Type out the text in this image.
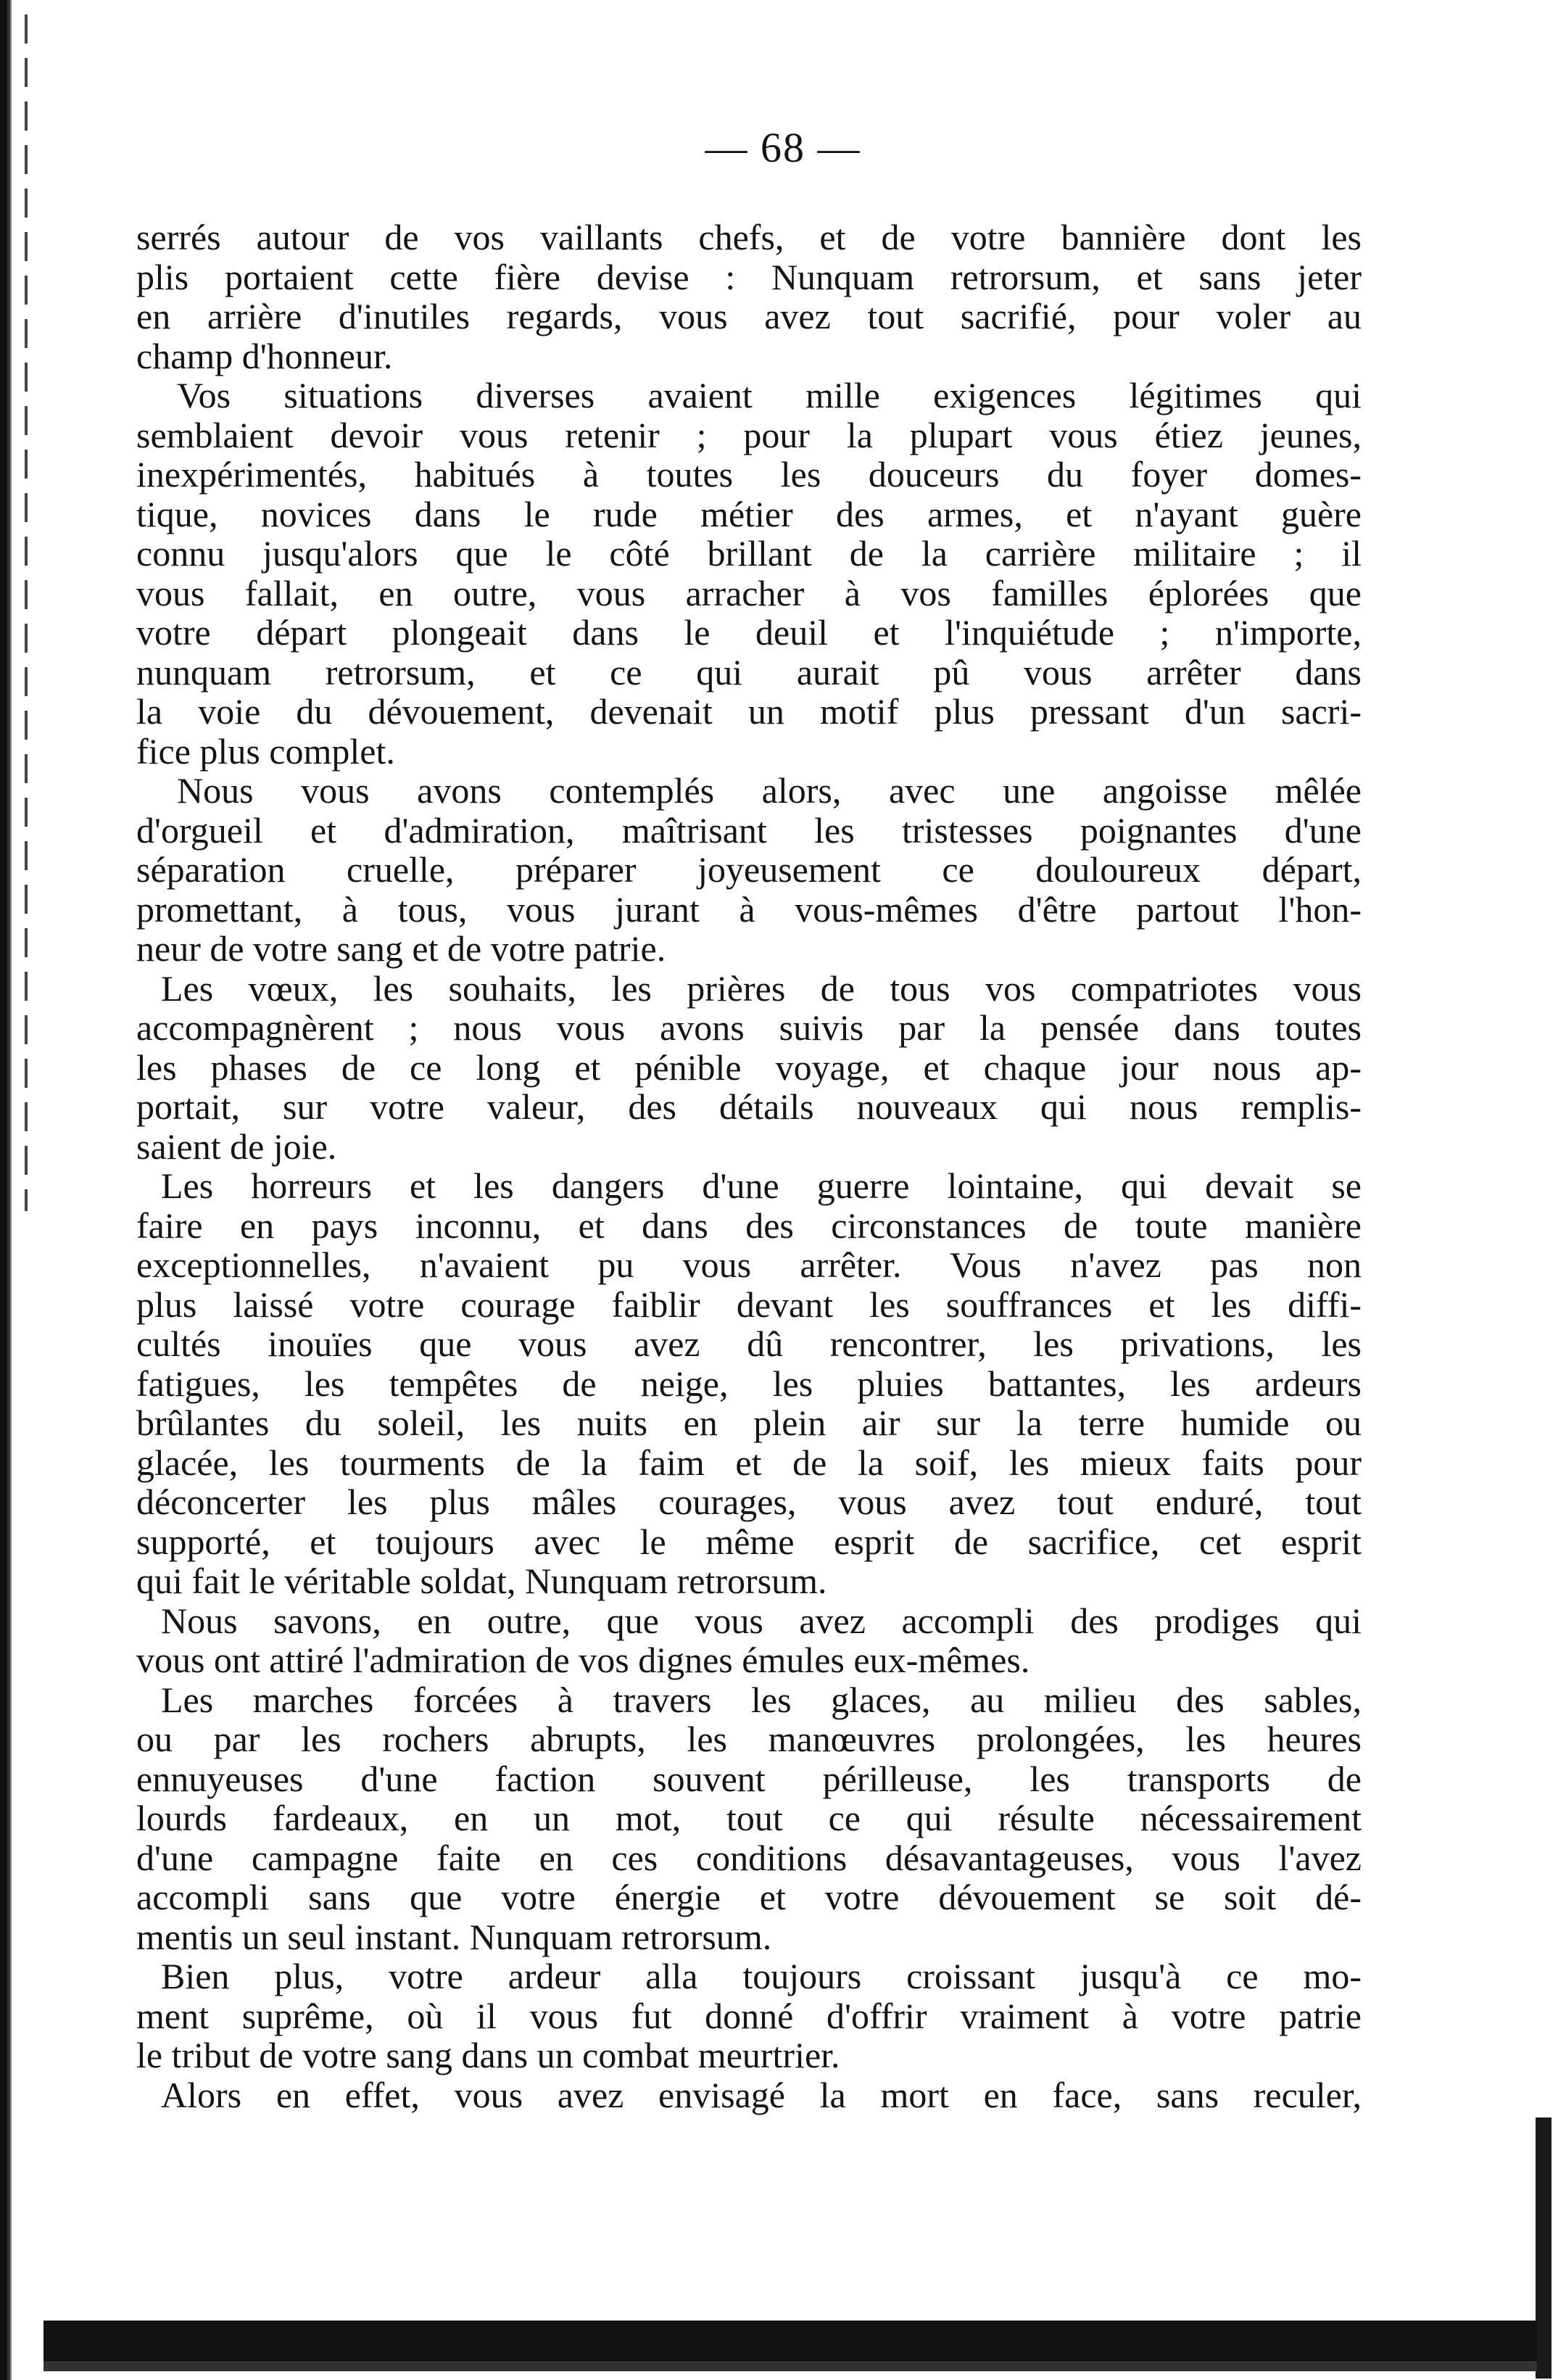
— 68 —
serrés autour de vos vaillants chefs, et de votre bannière dont les
plis portaient cette fière devise : Nunquam retrorsum, et sans jeter
en arrière d'inutiles regards, vous avez tout sacrifié, pour voler au
champ d'honneur.
Vos situations diverses avaient mille exigences légitimes qui
semblaient devoir vous retenir ; pour la plupart vous étiez jeunes,
inexpérimentés, habitués à toutes les douceurs du foyer domes-
tique, novices dans le rude métier des armes, et n'ayant guère
connu jusqu'alors que le côté brillant de la carrière militaire ; il
vous fallait, en outre, vous arracher à vos familles éplorées que
votre départ plongeait dans le deuil et l'inquiétude ; n'importe,
nunquam retrorsum, et ce qui aurait pû vous arrêter dans
la voie du dévouement, devenait un motif plus pressant d'un sacri-
fice plus complet.
Nous vous avons contemplés alors, avec une angoisse mêlée
d'orgueil et d'admiration, maîtrisant les tristesses poignantes d'une
séparation cruelle, préparer joyeusement ce douloureux départ,
promettant, à tous, vous jurant à vous-mêmes d'être partout l'hon-
neur de votre sang et de votre patrie.
Les vœux, les souhaits, les prières de tous vos compatriotes vous
accompagnèrent ; nous vous avons suivis par la pensée dans toutes
les phases de ce long et pénible voyage, et chaque jour nous ap-
portait, sur votre valeur, des détails nouveaux qui nous remplis-
saient de joie.
Les horreurs et les dangers d'une guerre lointaine, qui devait se
faire en pays inconnu, et dans des circonstances de toute manière
exceptionnelles, n'avaient pu vous arrêter. Vous n'avez pas non
plus laissé votre courage faiblir devant les souffrances et les diffi-
cultés inouïes que vous avez dû rencontrer, les privations, les
fatigues, les tempêtes de neige, les pluies battantes, les ardeurs
brûlantes du soleil, les nuits en plein air sur la terre humide ou
glacée, les tourments de la faim et de la soif, les mieux faits pour
déconcerter les plus mâles courages, vous avez tout enduré, tout
supporté, et toujours avec le même esprit de sacrifice, cet esprit
qui fait le véritable soldat, Nunquam retrorsum.
Nous savons, en outre, que vous avez accompli des prodiges qui
vous ont attiré l'admiration de vos dignes émules eux-mêmes.
Les marches forcées à travers les glaces, au milieu des sables,
ou par les rochers abrupts, les manœuvres prolongées, les heures
ennuyeuses d'une faction souvent périlleuse, les transports de
lourds fardeaux, en un mot, tout ce qui résulte nécessairement
d'une campagne faite en ces conditions désavantageuses, vous l'avez
accompli sans que votre énergie et votre dévouement se soit dé-
mentis un seul instant. Nunquam retrorsum.
Bien plus, votre ardeur alla toujours croissant jusqu'à ce mo-
ment suprême, où il vous fut donné d'offrir vraiment à votre patrie
le tribut de votre sang dans un combat meurtrier.
Alors en effet, vous avez envisagé la mort en face, sans reculer,
